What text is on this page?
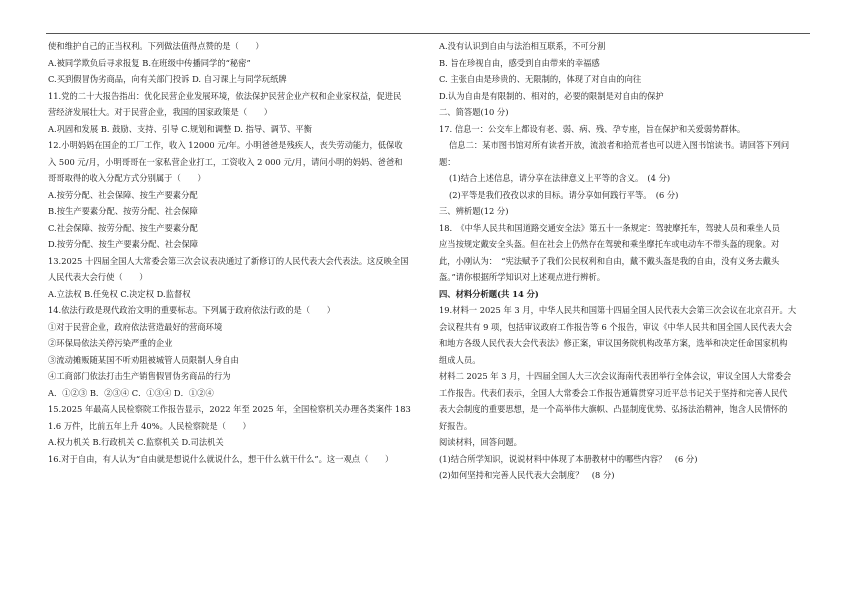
使和维护自己的正当权利。下列做法值得点赞的是（　　）

A.被同学欺负后寻求报复 B.在班级中传播同学的“秘密”

C.买到假冒伪劣商品，向有关部门投诉 D. 自习课上与同学玩纸牌

11.党的二十大报告指出：优化民营企业发展环境，依法保护民营企业产权和企业家权益，促进民

营经济发展壮大。对于民营企业，我国的国家政策是（　　）

A.巩固和发展 B. 鼓励、支持、引导 C.规划和调整 D. 指导、调节、平衡

12.小明妈妈在国企的工厂工作，收入 12000 元/年。小明爸爸是残疾人，丧失劳动能力，低保收

入 500 元/月，小明哥哥在一家私营企业打工，工资收入 2 000 元/月，请问小明的妈妈、爸爸和

哥哥取得的收入分配方式分别属于（　　）

A.按劳分配、社会保障、按生产要素分配

B.按生产要素分配、按劳分配、社会保障

C.社会保障、按劳分配、按生产要素分配

D.按劳分配、按生产要素分配、社会保障

13.2025 十四届全国人大常委会第三次会议表决通过了新修订的人民代表大会代表法。这反映全国

人民代表大会行使（　　）

A.立法权 B.任免权 C.决定权 D.监督权

14.依法行政是现代政治文明的重要标志。下列属于政府依法行政的是（　　）

①对于民营企业，政府依法营造最好的营商环境

②环保局依法关停污染严重的企业

③流动摊贩随某国不听劝阻被城管人员限制人身自由

④工商部门依法打击生产销售假冒伪劣商品的行为

A．①②③ B．②③④ C．①③④ D．①②④

15.2025 年最高人民检察院工作报告显示，2022 年至 2025 年，全国检察机关办理各类案件 183

1.6 万件，比前五年上升 40%。人民检察院是（　　）

A.权力机关 B.行政机关 C.监察机关 D.司法机关

16.对于自由，有人认为“自由就是想说什么就说什么，想干什么就干什么”。这一观点（　　）

A.没有认识到自由与法治相互联系，不可分割

B. 旨在珍视自由，感受到自由带来的幸福感

C. 主张自由是珍贵的、无限制的，体现了对自由的向往

D.认为自由是有限制的、相对的，必要的限制是对自由的保护

二、简答题(10 分)

17. 信息一：公交车上都设有老、弱、病、残、孕专座，旨在保护和关爱弱势群体。

信息二：某市图书馆对所有读者开放，流浪者和拾荒者也可以进入图书馆读书。请回答下列问

题：

(1)结合上述信息，请分享在法律意义上平等的含义。　(4 分)

(2)平等是我们孜孜以求的目标。请分享如何践行平等。　(6 分)

三、辨析题(12 分)

18.　《中华人民共和国道路交通安全法》第五十一条规定：驾驶摩托车，驾驶人员和乘坐人员

应当按规定戴安全头盔。但在社会上仍然存在驾驶和乘坐摩托车或电动车不带头盔的现象。对

此，小刚认为：　“宪法赋予了我们公民权利和自由，戴不戴头盔是我的自由，没有义务去戴头

盔。”请你根据所学知识对上述观点进行辨析。

四、材料分析题(共 14 分)

19.材料一 2025 年 3 月，中华人民共和国第十四届全国人民代表大会第三次会议在北京召开。大

会议程共有 9 项，包括审议政府工作报告等 6 个报告，审议《中华人民共和国全国人民代表大会

和地方各级人民代表大会代表法》修正案，审议国务院机构改革方案，选举和决定任命国家机构

组成人员。

材料二 2025 年 3 月，十四届全国人大三次会议海南代表团举行全体会议，审议全国人大常委会

工作报告。代表们表示，全国人大常委会工作报告通篇贯穿习近平总书记关于坚持和完善人民代

表大会制度的重要思想，是一个高举伟大旗帜、凸显制度优势、弘扬法治精神，饱含人民情怀的

好报告。

阅读材料，回答问题。

(1)结合所学知识，说说材料中体现了本册教材中的哪些内容？　(6 分)

(2)如何坚持和完善人民代表大会制度？　(8 分)
